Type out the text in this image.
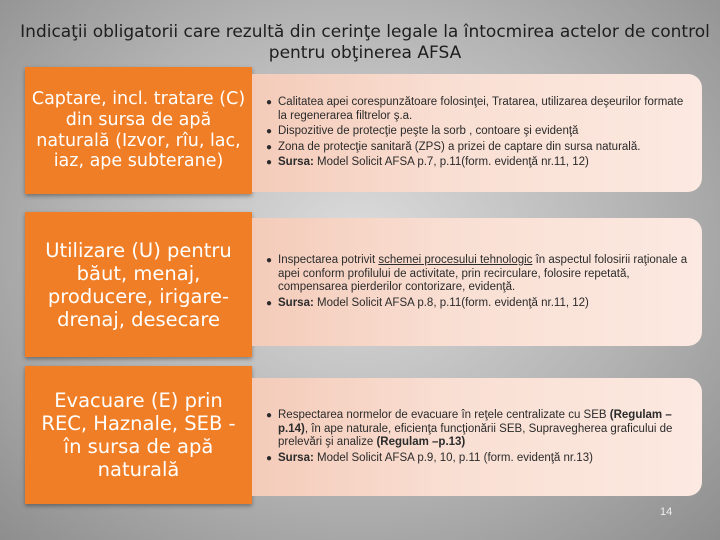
Indicaţii obligatorii care rezultă din cerinţe legale la întocmirea actelor de control
pentru obţinerea AFSA
Captare, incl. tratare (C) din sursa de apă naturală (Izvor, rîu, lac, iaz, ape subterane)
● Calitatea apei corespunzătoare folosinţei, Tratarea, utilizarea deşeurilor formate la regenerarea filtrelor ş.a.
● Dispozitive de protecţie peşte la sorb , contoare şi evidenţă
● Zona de protecţie sanitară (ZPS) a prizei de captare din sursa naturală.
● Sursa: Model Solicit AFSA p.7, p.11(form. evidenţă nr.11, 12)
Utilizare (U) pentru băut, menaj, producere, irigare-drenaj, desecare
● Inspectarea potrivit schemei procesului tehnologic în aspectul folosirii raţionale a apei conform profilului de activitate, prin recirculare, folosire repetată, compensarea pierderilor contorizare, evidenţă.
● Sursa: Model Solicit AFSA p.8, p.11(form. evidenţă nr.11, 12)
Evacuare (E) prin REC, Haznale, SEB - în sursa de apă naturală
● Respectarea normelor de evacuare în reţele centralizate cu SEB (Regulam –p.14), în ape naturale, eficienţa funcţionării SEB, Supravegherea graficului de prelevări şi analize (Regulam –p.13)
● Sursa: Model Solicit AFSA p.9, 10, p.11 (form. evidenţă nr.13)
14
